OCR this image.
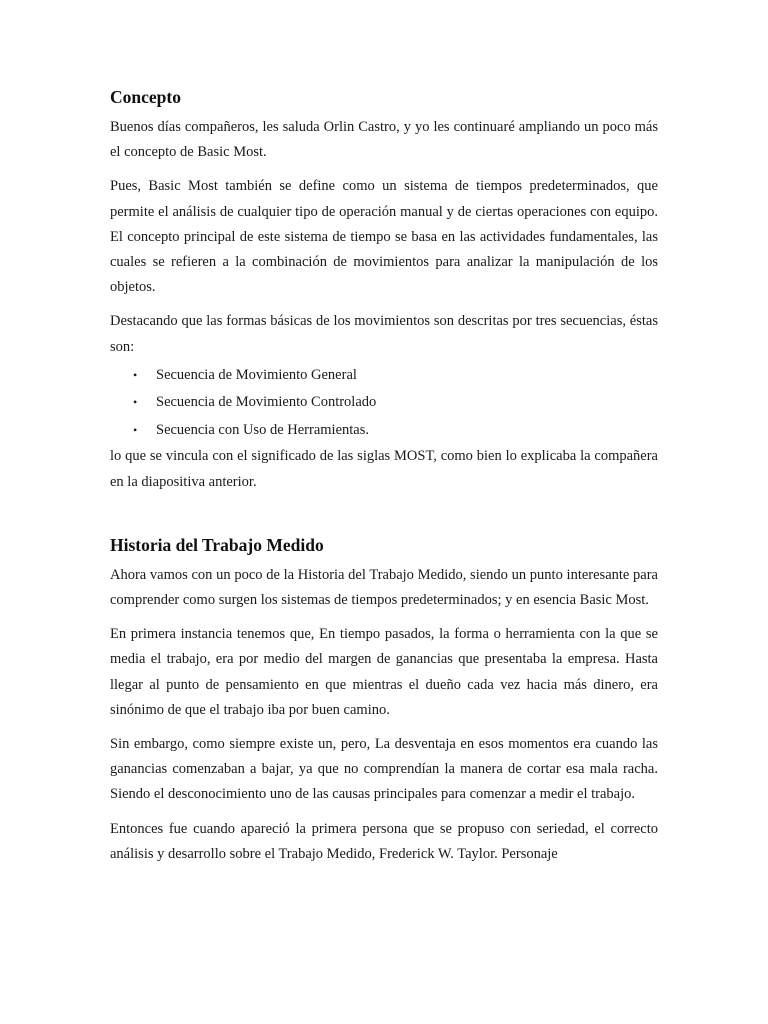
Concepto

Buenos días compañeros, les saluda Orlin Castro, y yo les continuaré ampliando un poco más el concepto de Basic Most.

Pues, Basic Most también se define como un sistema de tiempos predeterminados, que permite el análisis de cualquier tipo de operación manual y de ciertas operaciones con equipo. El concepto principal de este sistema de tiempo se basa en las actividades fundamentales, las cuales se refieren a la combinación de movimientos para analizar la manipulación de los objetos.

Destacando que las formas básicas de los movimientos son descritas por tres secuencias, éstas son:

• Secuencia de Movimiento General
• Secuencia de Movimiento Controlado
• Secuencia con Uso de Herramientas.

lo que se vincula con el significado de las siglas MOST, como bien lo explicaba la compañera en la diapositiva anterior.

Historia del Trabajo Medido

Ahora vamos con un poco de la Historia del Trabajo Medido, siendo un punto interesante para comprender como surgen los sistemas de tiempos predeterminados; y en esencia Basic Most.

En primera instancia tenemos que, En tiempo pasados, la forma o herramienta con la que se media el trabajo, era por medio del margen de ganancias que presentaba la empresa. Hasta llegar al punto de pensamiento en que mientras el dueño cada vez hacia más dinero, era sinónimo de que el trabajo iba por buen camino.

Sin embargo, como siempre existe un, pero, La desventaja en esos momentos era cuando las ganancias comenzaban a bajar, ya que no comprendían la manera de cortar esa mala racha. Siendo el desconocimiento uno de las causas principales para comenzar a medir el trabajo.

Entonces fue cuando apareció la primera persona que se propuso con seriedad, el correcto análisis y desarrollo sobre el Trabajo Medido, Frederick W. Taylor. Personaje
